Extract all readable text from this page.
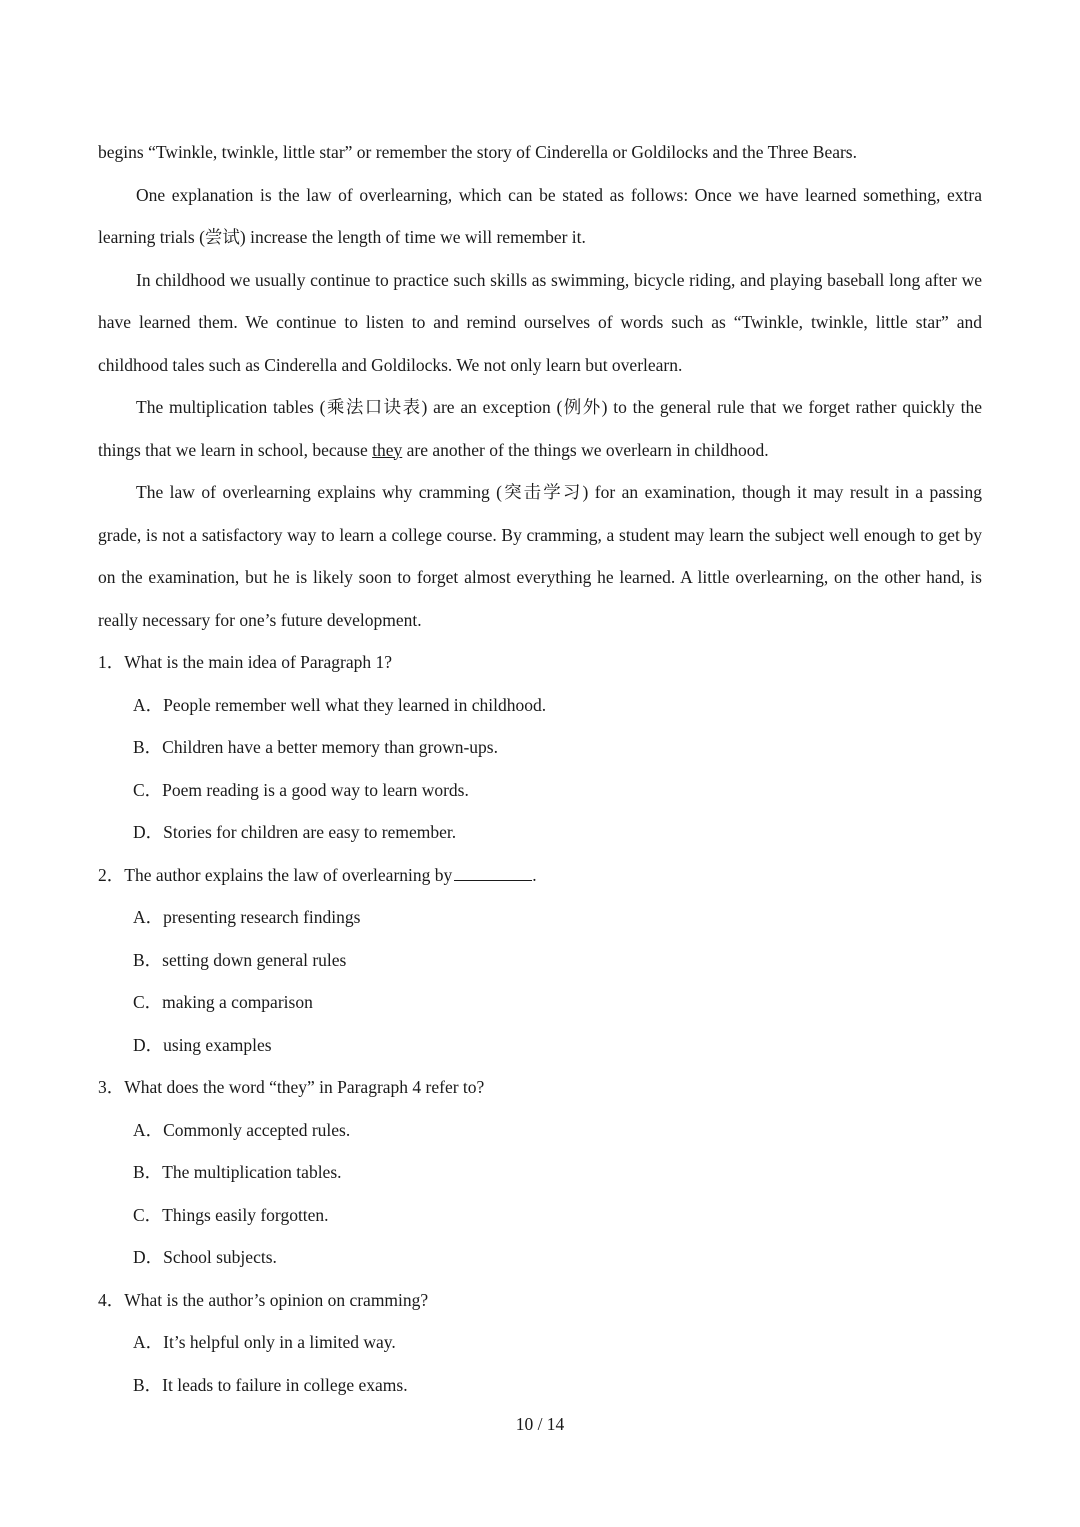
begins “Twinkle, twinkle, little star” or remember the story of Cinderella or Goldilocks and the Three Bears.

One explanation is the law of overlearning, which can be stated as follows: Once we have learned something, extra learning trials (尝试) increase the length of time we will remember it.

In childhood we usually continue to practice such skills as swimming, bicycle riding, and playing baseball long after we have learned them. We continue to listen to and remind ourselves of words such as “Twinkle, twinkle, little star” and childhood tales such as Cinderella and Goldilocks. We not only learn but overlearn.

The multiplication tables (乘法口诀表) are an exception (例外) to the general rule that we forget rather quickly the things that we learn in school, because they are another of the things we overlearn in childhood.

The law of overlearning explains why cramming (突击学习) for an examination, though it may result in a passing grade, is not a satisfactory way to learn a college course. By cramming, a student may learn the subject well enough to get by on the examination, but he is likely soon to forget almost everything he learned. A little overlearning, on the other hand, is really necessary for one’s future development.

1．What is the main idea of Paragraph 1?

A．People remember well what they learned in childhood.

B．Children have a better memory than grown-ups.

C．Poem reading is a good way to learn words.

D．Stories for children are easy to remember.

2．The author explains the law of overlearning by	.

A．presenting research findings

B．setting down general rules

C．making a comparison

D．using examples

3．What does the word “they” in Paragraph 4 refer to?

A．Commonly accepted rules.

B．The multiplication tables.

C．Things easily forgotten.

D．School subjects.

4．What is the author’s opinion on cramming?

A．It’s helpful only in a limited way.

B．It leads to failure in college exams.

10 / 14
